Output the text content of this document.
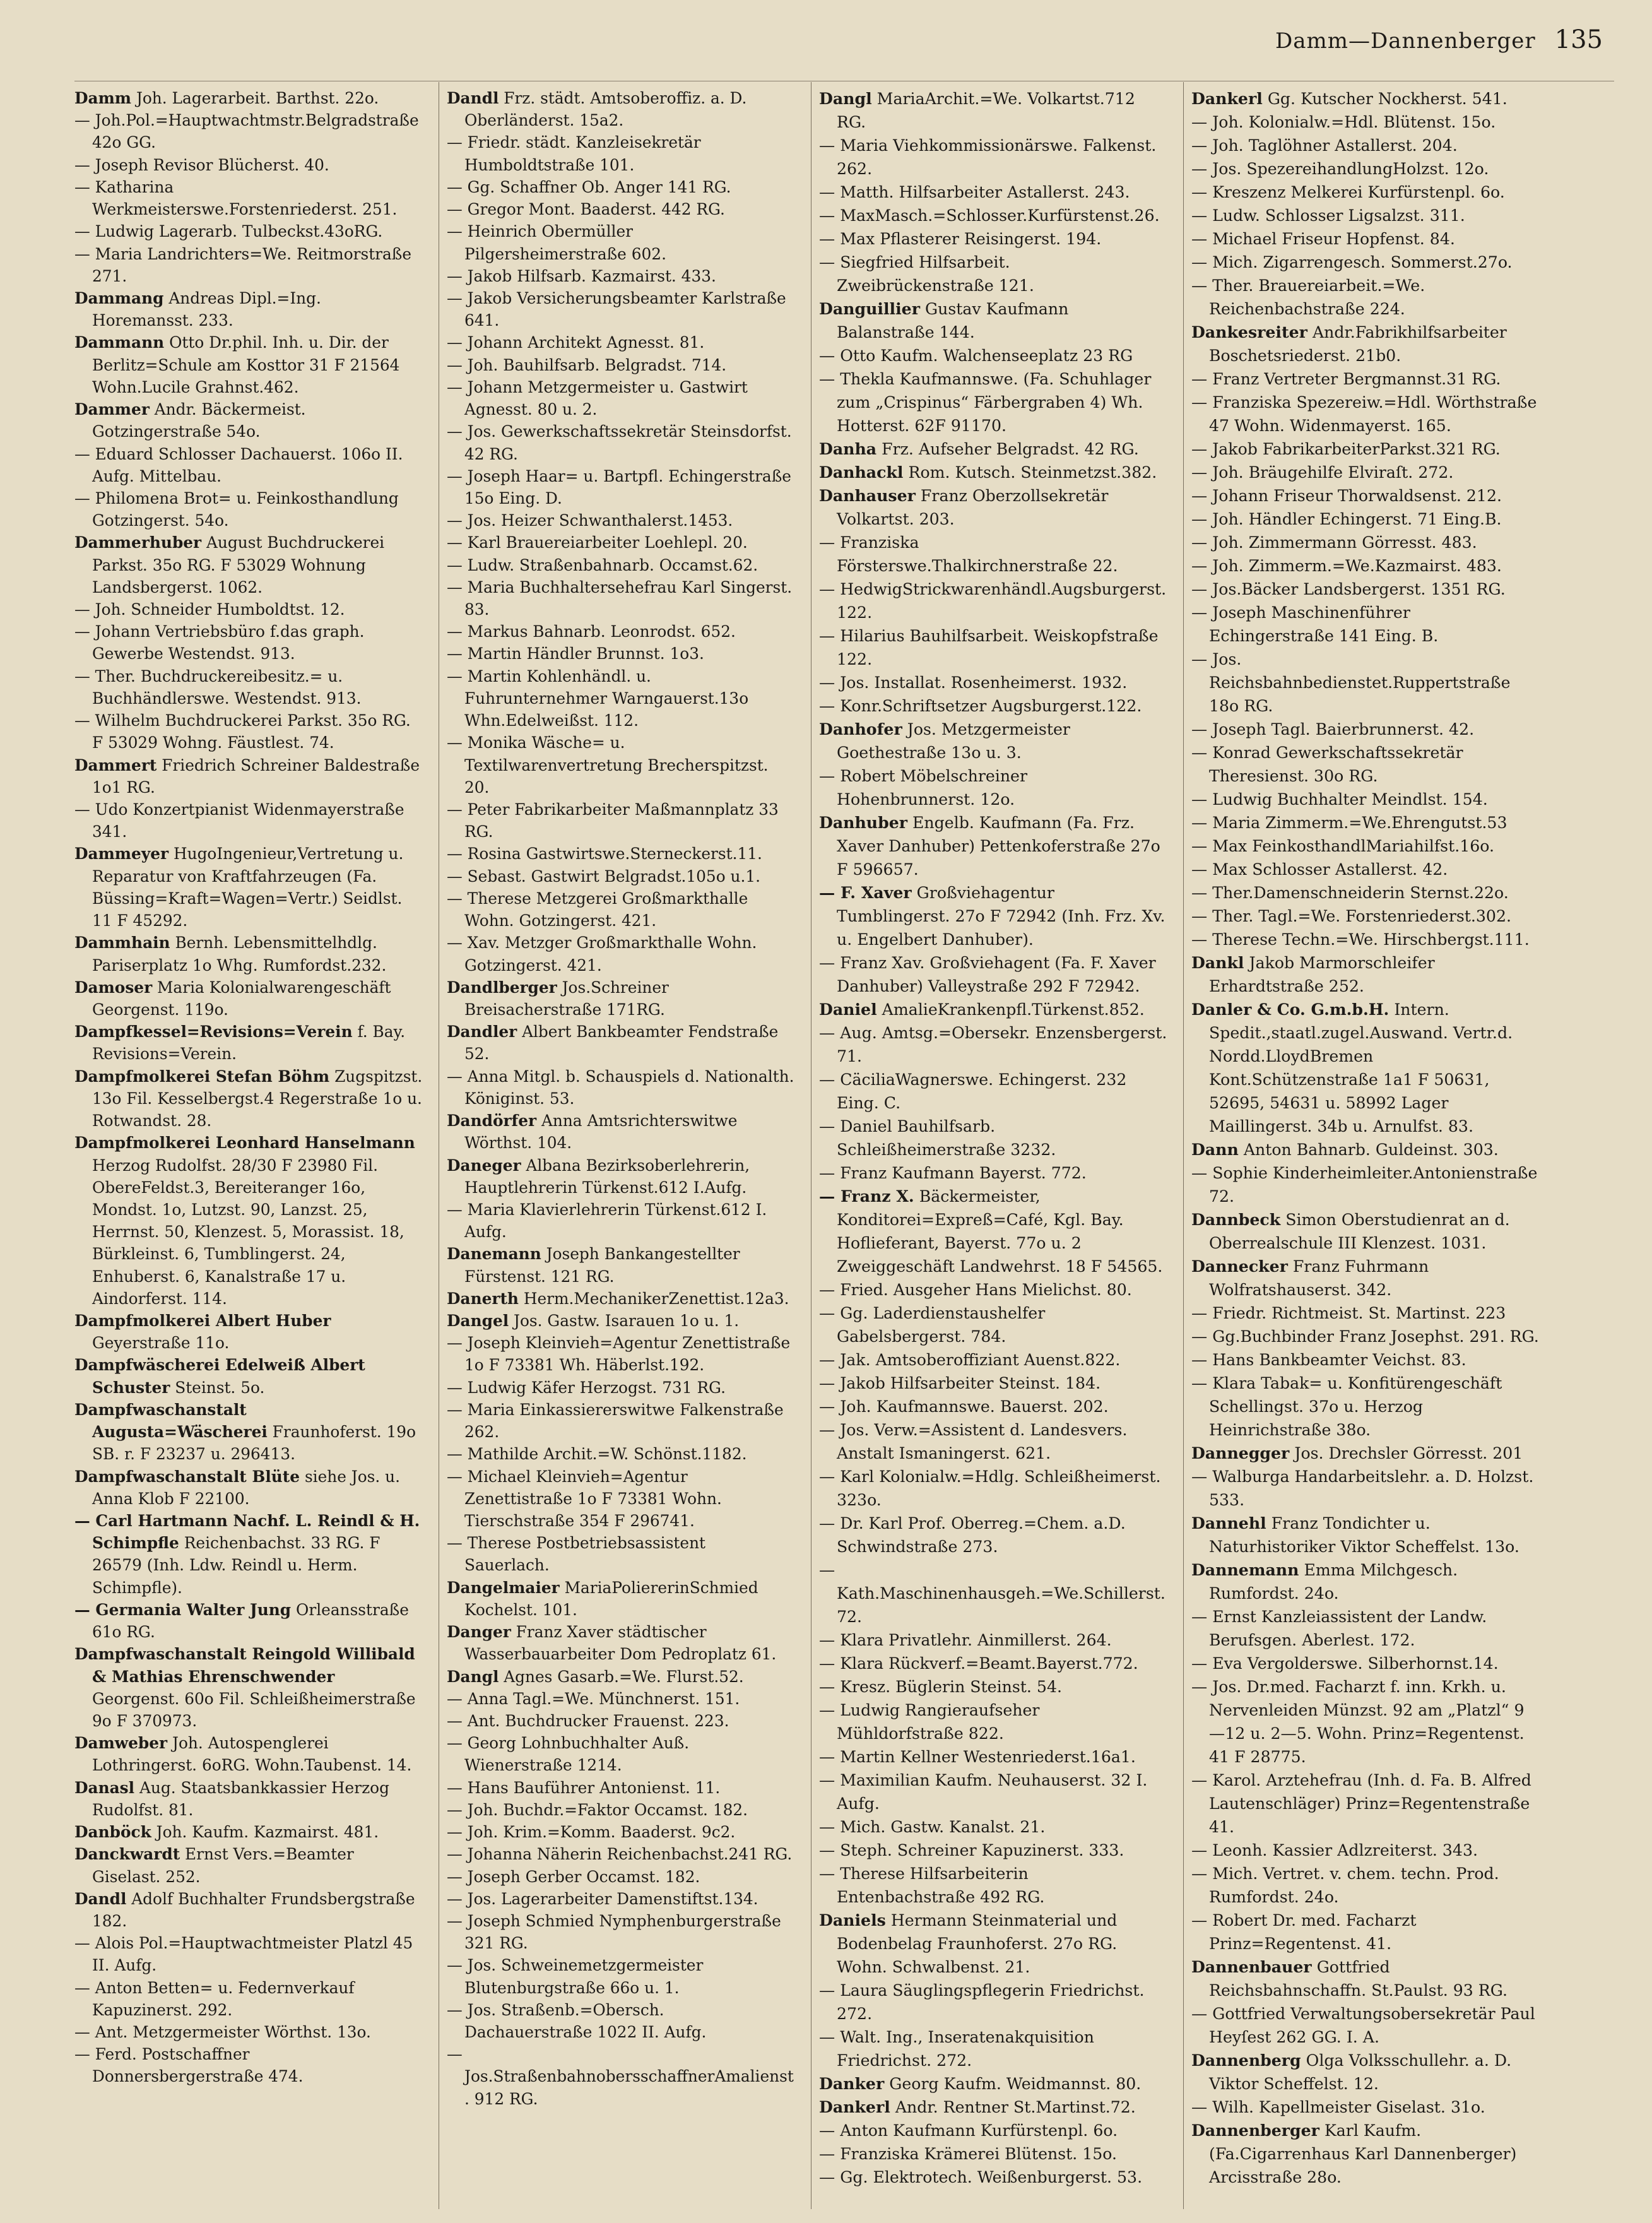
Damm—Dannenberger 135
Damm Joh. Lagerarbeit. Barthst. 22o.
— Joh.Pol.=Hauptwachtmstr.Belgradstraße 42o GG.
— Joseph Revisor Blücherst. 40.
— Katharina Werkmeisterswe.Forstenriederst. 251.
— Ludwig Lagerarb. Tulbeckst.43oRG.
— Maria Landrichters=We. Reitmorstraße 271.
Dammang Andreas Dipl.=Ing. Horemansst. 233.
Dammann Otto Dr.phil. Inh. u. Dir. der Berlitz=Schule am Kosttor 31 F 21564 Wohn.Lucile Grahnst.462.
Dammer Andr. Bäckermeist. Gotzingerstraße 54o.
— Eduard Schlosser Dachauerst. 106o II. Aufg. Mittelbau.
— Philomena Brot= u. Feinkosthandlung Gotzingerst. 54o.
Dammerhuber August Buchdruckerei Parkst. 35o RG. F 53029 Wohnung Landsbergerst. 1062.
— Joh. Schneider Humboldtst. 12.
— Johann Vertriebsbüro f.das graph. Gewerbe Westendst. 913.
— Ther. Buchdruckereibesitz.= u. Buchhändlerswe. Westendst. 913.
— Wilhelm Buchdruckerei Parkst. 35o RG. F 53029 Wohng. Fäustlest. 74.
Dammert Friedrich Schreiner Baldestraße 1o1 RG.
— Udo Konzertpianist Widenmayerstraße 341.
Dammeyer HugoIngenieur,Vertretung u. Reparatur von Kraftfahrzeugen (Fa. Büssing=Kraft=Wagen=Vertr.) Seidlst. 11 F 45292.
Dammhain Bernh. Lebensmittelhdlg. Pariserplatz 1o Whg. Rumfordst.232.
Damoser Maria Kolonialwarengeschäft Georgenst. 119o.
Dampfkessel=Revisions=Verein f. Bay. Revisions=Verein.
Dampfmolkerei Stefan Böhm Zugspitzst. 13o Fil. Kesselbergst.4 Regerstraße 1o u. Rotwandst. 28.
Dampfmolkerei Leonhard Hanselmann Herzog Rudolfst. 28/30 F 23980 Fil. ObereFeldst.3, Bereiteranger 16o, Mondst. 1o, Lutzst. 90, Lanzst. 25, Herrnst. 50, Klenzest. 5, Morassist. 18, Bürkleinst. 6, Tumblingerst. 24, Enhuberst. 6, Kanalstraße 17 u. Aindorferst. 114.
Dampfmolkerei Albert Huber Geyerstraße 11o.
Dampfwäscherei Edelweiß Albert Schuster Steinst. 5o.
Dampfwaschanstalt Augusta=Wäscherei Fraunhoferst. 19o SB. r. F 23237 u. 296413.
Dampfwaschanstalt Blüte siehe Jos. u. Anna Klob F 22100.
— Carl Hartmann Nachf. L. Reindl & H. Schimpfle Reichenbachst. 33 RG. F 26579 (Inh. Ldw. Reindl u. Herm. Schimpfle).
— Germania Walter Jung Orleansstraße 61o RG.
Dampfwaschanstalt Reingold Willibald & Mathias Ehrenschwender Georgenst. 60o Fil. Schleißheimerstraße 9o F 370973.
Damweber Joh. Autospenglerei Lothringerst. 6oRG. Wohn.Taubenst. 14.
Danasl Aug. Staatsbankkassier Herzog Rudolfst. 81.
Danböck Joh. Kaufm. Kazmairst. 481.
Danckwardt Ernst Vers.=Beamter Giselast. 252.
Dandl Adolf Buchhalter Frundsbergstraße 182.
— Alois Pol.=Hauptwachtmeister Platzl 45 II. Aufg.
— Anton Betten= u. Federnverkauf Kapuzinerst. 292.
— Ant. Metzgermeister Wörthst. 13o.
— Ferd. Postschaffner Donnersbergerstraße 474.
Dandl Frz. städt. Amtsoberoffiz. a. D. Oberländerst. 15a2.
— Friedr. städt. Kanzleisekretär Humboldtstraße 101.
— Gg. Schaffner Ob. Anger 141 RG.
— Gregor Mont. Baaderst. 442 RG.
— Heinrich Obermüller Pilgersheimerstraße 602.
— Jakob Hilfsarb. Kazmairst. 433.
— Jakob Versicherungsbeamter Karlstraße 641.
— Johann Architekt Agnesst. 81.
— Joh. Bauhilfsarb. Belgradst. 714.
— Johann Metzgermeister u. Gastwirt Agnesst. 80 u. 2.
— Jos. Gewerkschaftssekretär Steinsdorfst. 42 RG.
— Joseph Haar= u. Bartpfl. Echingerstraße 15o Eing. D.
— Jos. Heizer Schwanthalerst.1453.
— Karl Brauereiarbeiter Loehlepl. 20.
— Ludw. Straßenbahnarb. Occamst.62.
— Maria Buchhaltersehefrau Karl Singerst. 83.
— Markus Bahnarb. Leonrodst. 652.
— Martin Händler Brunnst. 1o3.
— Martin Kohlenhändl. u. Fuhrunternehmer Warngauerst.13o Whn.Edelweißst. 112.
— Monika Wäsche= u. Textilwarenvertretung Brecherspitzst. 20.
— Peter Fabrikarbeiter Maßmannplatz 33 RG.
— Rosina Gastwirtswe.Sterneckerst.11.
— Sebast. Gastwirt Belgradst.105o u.1.
— Therese Metzgerei Großmarkthalle Wohn. Gotzingerst. 421.
— Xav. Metzger Großmarkthalle Wohn. Gotzingerst. 421.
Dandlberger Jos.Schreiner Breisacherstraße 171RG.
Dandler Albert Bankbeamter Fendstraße 52.
— Anna Mitgl. b. Schauspiels d. Nationalth. Königinst. 53.
Dandörfer Anna Amtsrichterswitwe Wörthst. 104.
Daneger Albana Bezirksoberlehrerin, Hauptlehrerin Türkenst.612 I.Aufg.
— Maria Klavierlehrerin Türkenst.612 I. Aufg.
Danemann Joseph Bankangestellter Fürstenst. 121 RG.
Danerth Herm.MechanikerZenettist.12a3.
Dangel Jos. Gastw. Isarauen 1o u. 1.
— Joseph Kleinvieh=Agentur Zenettistraße 1o F 73381 Wh. Häberlst.192.
— Ludwig Käfer Herzogst. 731 RG.
— Maria Einkassiererswitwe Falkenstraße 262.
— Mathilde Archit.=W. Schönst.1182.
— Michael Kleinvieh=Agentur Zenettistraße 1o F 73381 Wohn. Tierschstraße 354 F 296741.
— Therese Postbetriebsassistent Sauerlach.
Dangelmaier MariaPoliererinSchmied Kochelst. 101.
Danger Franz Xaver städtischer Wasserbauarbeiter Dom Pedroplatz 61.
Dangl Agnes Gasarb.=We. Flurst.52.
— Anna Tagl.=We. Münchnerst. 151.
— Ant. Buchdrucker Frauenst. 223.
— Georg Lohnbuchhalter Auß. Wienerstraße 1214.
— Hans Bauführer Antonienst. 11.
— Joh. Buchdr.=Faktor Occamst. 182.
— Joh. Krim.=Komm. Baaderst. 9c2.
— Johanna Näherin Reichenbachst.241 RG.
— Joseph Gerber Occamst. 182.
— Jos. Lagerarbeiter Damenstiftst.134.
— Joseph Schmied Nymphenburgerstraße 321 RG.
— Jos. Schweinemetzgermeister Blutenburgstraße 66o u. 1.
— Jos. Straßenb.=Obersch. Dachauerstraße 1022 II. Aufg.
— Jos.StraßenbahnobersschaffnerAmalienst. 912 RG.
Dangl MariaArchit.=We. Volkartst.712 RG.
— Maria Viehkommissionärswe. Falkenst. 262.
— Matth. Hilfsarbeiter Astallerst. 243.
— MaxMasch.=Schlosser.Kurfürstenst.26.
— Max Pflasterer Reisingerst. 194.
— Siegfried Hilfsarbeit. Zweibrückenstraße 121.
Danguillier Gustav Kaufmann Balanstraße 144.
— Otto Kaufm. Walchenseeplatz 23 RG
— Thekla Kaufmannswe. (Fa. Schuhlager zum „Crispinus“ Färbergraben 4) Wh. Hotterst. 62F 91170.
Danha Frz. Aufseher Belgradst. 42 RG.
Danhackl Rom. Kutsch. Steinmetzst.382.
Danhauser Franz Oberzollsekretär Volkartst. 203.
— Franziska Försterswe.Thalkirchnerstraße 22.
— HedwigStrickwarenhändl.Augsburgerst. 122.
— Hilarius Bauhilfsarbeit. Weiskopfstraße 122.
— Jos. Installat. Rosenheimerst. 1932.
— Konr.Schriftsetzer Augsburgerst.122.
Danhofer Jos. Metzgermeister Goethestraße 13o u. 3.
— Robert Möbelschreiner Hohenbrunnerst. 12o.
Danhuber Engelb. Kaufmann (Fa. Frz. Xaver Danhuber) Pettenkoferstraße 27o F 596657.
— F. Xaver Großviehagentur Tumblingerst. 27o F 72942 (Inh. Frz. Xv. u. Engelbert Danhuber).
— Franz Xav. Großviehagent (Fa. F. Xaver Danhuber) Valleystraße 292 F 72942.
Daniel AmalieKrankenpfl.Türkenst.852.
— Aug. Amtsg.=Obersekr. Enzensbergerst. 71.
— CäciliaWagnerswe. Echingerst. 232 Eing. C.
— Daniel Bauhilfsarb. Schleißheimerstraße 3232.
— Franz Kaufmann Bayerst. 772.
— Franz X. Bäckermeister, Konditorei=Expreß=Café, Kgl. Bay. Hoflieferant, Bayerst. 77o u. 2 Zweiggeschäft Landwehrst. 18 F 54565.
— Fried. Ausgeher Hans Mielichst. 80.
— Gg. Laderdienstaushelfer Gabelsbergerst. 784.
— Jak. Amtsoberoffiziant Auenst.822.
— Jakob Hilfsarbeiter Steinst. 184.
— Joh. Kaufmannswe. Bauerst. 202.
— Jos. Verw.=Assistent d. Landesvers. Anstalt Ismaningerst. 621.
— Karl Kolonialw.=Hdlg. Schleißheimerst. 323o.
— Dr. Karl Prof. Oberreg.=Chem. a.D. Schwindstraße 273.
— Kath.Maschinenhausgeh.=We.Schillerst. 72.
— Klara Privatlehr. Ainmillerst. 264.
— Klara Rückverf.=Beamt.Bayerst.772.
— Kresz. Büglerin Steinst. 54.
— Ludwig Rangieraufseher Mühldorfstraße 822.
— Martin Kellner Westenriederst.16a1.
— Maximilian Kaufm. Neuhauserst. 32 I. Aufg.
— Mich. Gastw. Kanalst. 21.
— Steph. Schreiner Kapuzinerst. 333.
— Therese Hilfsarbeiterin Entenbachstraße 492 RG.
Daniels Hermann Steinmaterial und Bodenbelag Fraunhoferst. 27o RG. Wohn. Schwalbenst. 21.
— Laura Säuglingspflegerin Friedrichst. 272.
— Walt. Ing., Inseratenakquisition Friedrichst. 272.
Danker Georg Kaufm. Weidmannst. 80.
Dankerl Andr. Rentner St.Martinst.72.
— Anton Kaufmann Kurfürstenpl. 6o.
— Franziska Krämerei Blütenst. 15o.
— Gg. Elektrotech. Weißenburgerst. 53.
Dankerl Gg. Kutscher Nockherst. 541.
— Joh. Kolonialw.=Hdl. Blütenst. 15o.
— Joh. Taglöhner Astallerst. 204.
— Jos. SpezereihandlungHolzst. 12o.
— Kreszenz Melkerei Kurfürstenpl. 6o.
— Ludw. Schlosser Ligsalzst. 311.
— Michael Friseur Hopfenst. 84.
— Mich. Zigarrengesch. Sommerst.27o.
— Ther. Brauereiarbeit.=We. Reichenbachstraße 224.
Dankesreiter Andr.Fabrikhilfsarbeiter Boschetsriederst. 21b0.
— Franz Vertreter Bergmannst.31 RG.
— Franziska Spezereiw.=Hdl. Wörthstraße 47 Wohn. Widenmayerst. 165.
— Jakob FabrikarbeiterParkst.321 RG.
— Joh. Bräugehilfe Elviraſt. 272.
— Johann Friseur Thorwaldsenst. 212.
— Joh. Händler Echingerst. 71 Eing.B.
— Joh. Zimmermann Görresst. 483.
— Joh. Zimmerm.=We.Kazmairst. 483.
— Jos.Bäcker Landsbergerst. 1351 RG.
— Joseph Maschinenführer Echingerstraße 141 Eing. B.
— Jos. Reichsbahnbedienstet.Ruppertstraße 18o RG.
— Joseph Tagl. Baierbrunnerst. 42.
— Konrad Gewerkschaftssekretär Theresienst. 30o RG.
— Ludwig Buchhalter Meindlst. 154.
— Maria Zimmerm.=We.Ehrengutst.53
— Max FeinkosthandlMariahilfst.16o.
— Max Schlosser Astallerst. 42.
— Ther.Damenschneiderin Sternst.22o.
— Ther. Tagl.=We. Forstenriederst.302.
— Therese Techn.=We. Hirschbergst.111.
Dankl Jakob Marmorschleifer Erhardtstraße 252.
Danler & Co. G.m.b.H. Intern. Spedit.,staatl.zugel.Auswand. Vertr.d. Nordd.LloydBremen Kont.Schützenstraße 1a1 F 50631, 52695, 54631 u. 58992 Lager Maillingerst. 34b u. Arnulfst. 83.
Dann Anton Bahnarb. Guldeinst. 303.
— Sophie Kinderheimleiter.Antonienstraße 72.
Dannbeck Simon Oberstudienrat an d. Oberrealschule III Klenzest. 1031.
Dannecker Franz Fuhrmann Wolfratshauserst. 342.
— Friedr. Richtmeist. St. Martinst. 223
— Gg.Buchbinder Franz Josephst. 291. RG.
— Hans Bankbeamter Veichst. 83.
— Klara Tabak= u. Konfitürengeschäft Schellingst. 37o u. Herzog Heinrichstraße 38o.
Dannegger Jos. Drechsler Görresst. 201
— Walburga Handarbeitslehr. a. D. Holzst. 533.
Dannehl Franz Tondichter u. Naturhistoriker Viktor Scheffelst. 13o.
Dannemann Emma Milchgesch. Rumfordst. 24o.
— Ernst Kanzleiassistent der Landw. Berufsgen. Aberlest. 172.
— Eva Vergolderswe. Silberhornst.14.
— Jos. Dr.med. Facharzt f. inn. Krkh. u. Nervenleiden Münzst. 92 am „Platzl“ 9—12 u. 2—5. Wohn. Prinz=Regentenst. 41 F 28775.
— Karol. Arztehefrau (Inh. d. Fa. B. Alfred Lautenschläger) Prinz=Regentenstraße 41.
— Leonh. Kassier Adlzreiterst. 343.
— Mich. Vertret. v. chem. techn. Prod. Rumfordst. 24o.
— Robert Dr. med. Facharzt Prinz=Regentenst. 41.
Dannenbauer Gottfried Reichsbahnschaffn. St.Paulst. 93 RG.
— Gottfried Verwaltungsobersekretär Paul Heyſest 262 GG. I. A.
Dannenberg Olga Volksschullehr. a. D. Viktor Scheffelst. 12.
— Wilh. Kapellmeister Giselast. 31o.
Dannenberger Karl Kaufm. (Fa.Cigarrenhaus Karl Dannenberger) Arcisstraße 28o.
